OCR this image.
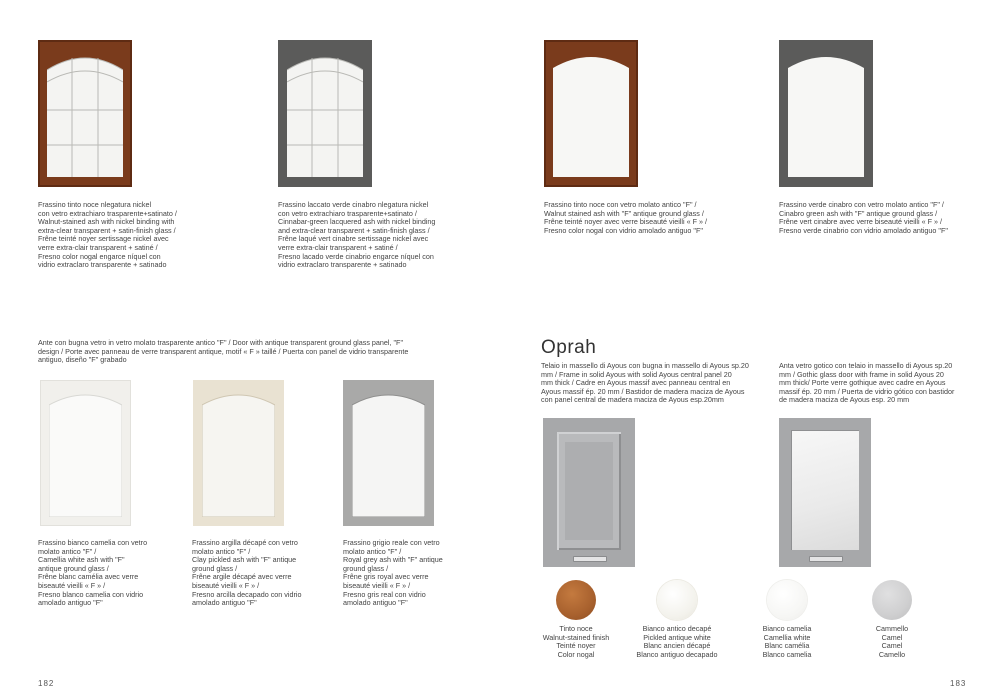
Frassino tinto noce nlegatura nickel
con vetro extrachiaro trasparente+satinato /
Walnut-stained ash with nickel binding with
extra-clear transparent + satin-finish glass /
Frêne teinté noyer sertissage nickel avec
verre extra-clair transparent + satiné /
Fresno color nogal engarce níquel con
vidrio extraclaro transparente + satinado
Frassino laccato verde cinabro nlegatura nickel
con vetro extrachiaro trasparente+satinato /
Cinnabar-green lacquered ash with nickel binding
and extra-clear transparent + satin-finish glass /
Frêne laqué vert cinabre sertissage nickel avec
verre extra-clair transparent + satiné /
Fresno lacado verde cinabrio engarce níquel con
vidrio extraclaro transparente + satinado
Ante con bugna vetro in vetro molato trasparente antico "F" / Door with antique transparent ground glass panel, "F"
design / Porte avec panneau de verre transparent antique, motif « F » taillé / Puerta con panel de vidrio transparente
antiguo, diseño "F" grabado
Frassino bianco camelia con vetro
molato antico "F" /
Camellia white ash with "F"
antique ground glass /
Frêne blanc camélia avec verre
biseauté vieilli « F » /
Fresno blanco camelia con vidrio
amolado antiguo "F"
Frassino argilla décapé con vetro
molato antico "F" /
Clay pickled ash with "F" antique
ground glass /
Frêne argile décapé avec verre
biseauté vieilli « F » /
Fresno arcilla decapado con vidrio
amolado antiguo "F"
Frassino grigio reale con vetro
molato antico "F" /
Royal grey ash with "F" antique
ground glass /
Frêne gris royal avec verre
biseauté vieilli « F » /
Fresno gris real con vidrio
amolado antiguo "F"
182
Frassino tinto noce con vetro molato antico "F" /
Walnut stained ash with "F" antique ground glass /
Frêne teinté noyer avec verre biseauté vieilli « F » /
Fresno color nogal con vidrio amolado antiguo "F"
Frassino verde cinabro con vetro molato antico "F" /
Cinabro green ash with "F" antique ground glass /
Frêne vert cinabre avec verre biseauté vieilli « F » /
Fresno verde cinabrio con vidrio amolado antiguo "F"
Oprah
Telaio in massello di Ayous con bugna in massello di Ayous sp.20
mm / Frame in solid Ayous with solid Ayous central panel 20
mm thick / Cadre en Ayous massif avec panneau central en
Ayous massif ép. 20 mm / Bastidor de madera maciza de Ayous
con panel central de madera maciza de Ayous esp.20mm
Anta vetro gotico con telaio in massello di Ayous sp.20
mm / Gothic glass door with frame in solid Ayous 20
mm thick/ Porte verre gothique avec cadre en Ayous
massif ép. 20 mm / Puerta de vidrio gótico con bastidor
de madera maciza de Ayous esp. 20 mm
Tinto noce
Walnut-stained finish
Teinté noyer
Color nogal
Bianco antico decapé
Pickled antique white
Blanc ancien décapé
Blanco antiguo decapado
Bianco camelia
Camellia white
Blanc camélia
Blanco camelia
Cammello
Camel
Camel
Camello
183
